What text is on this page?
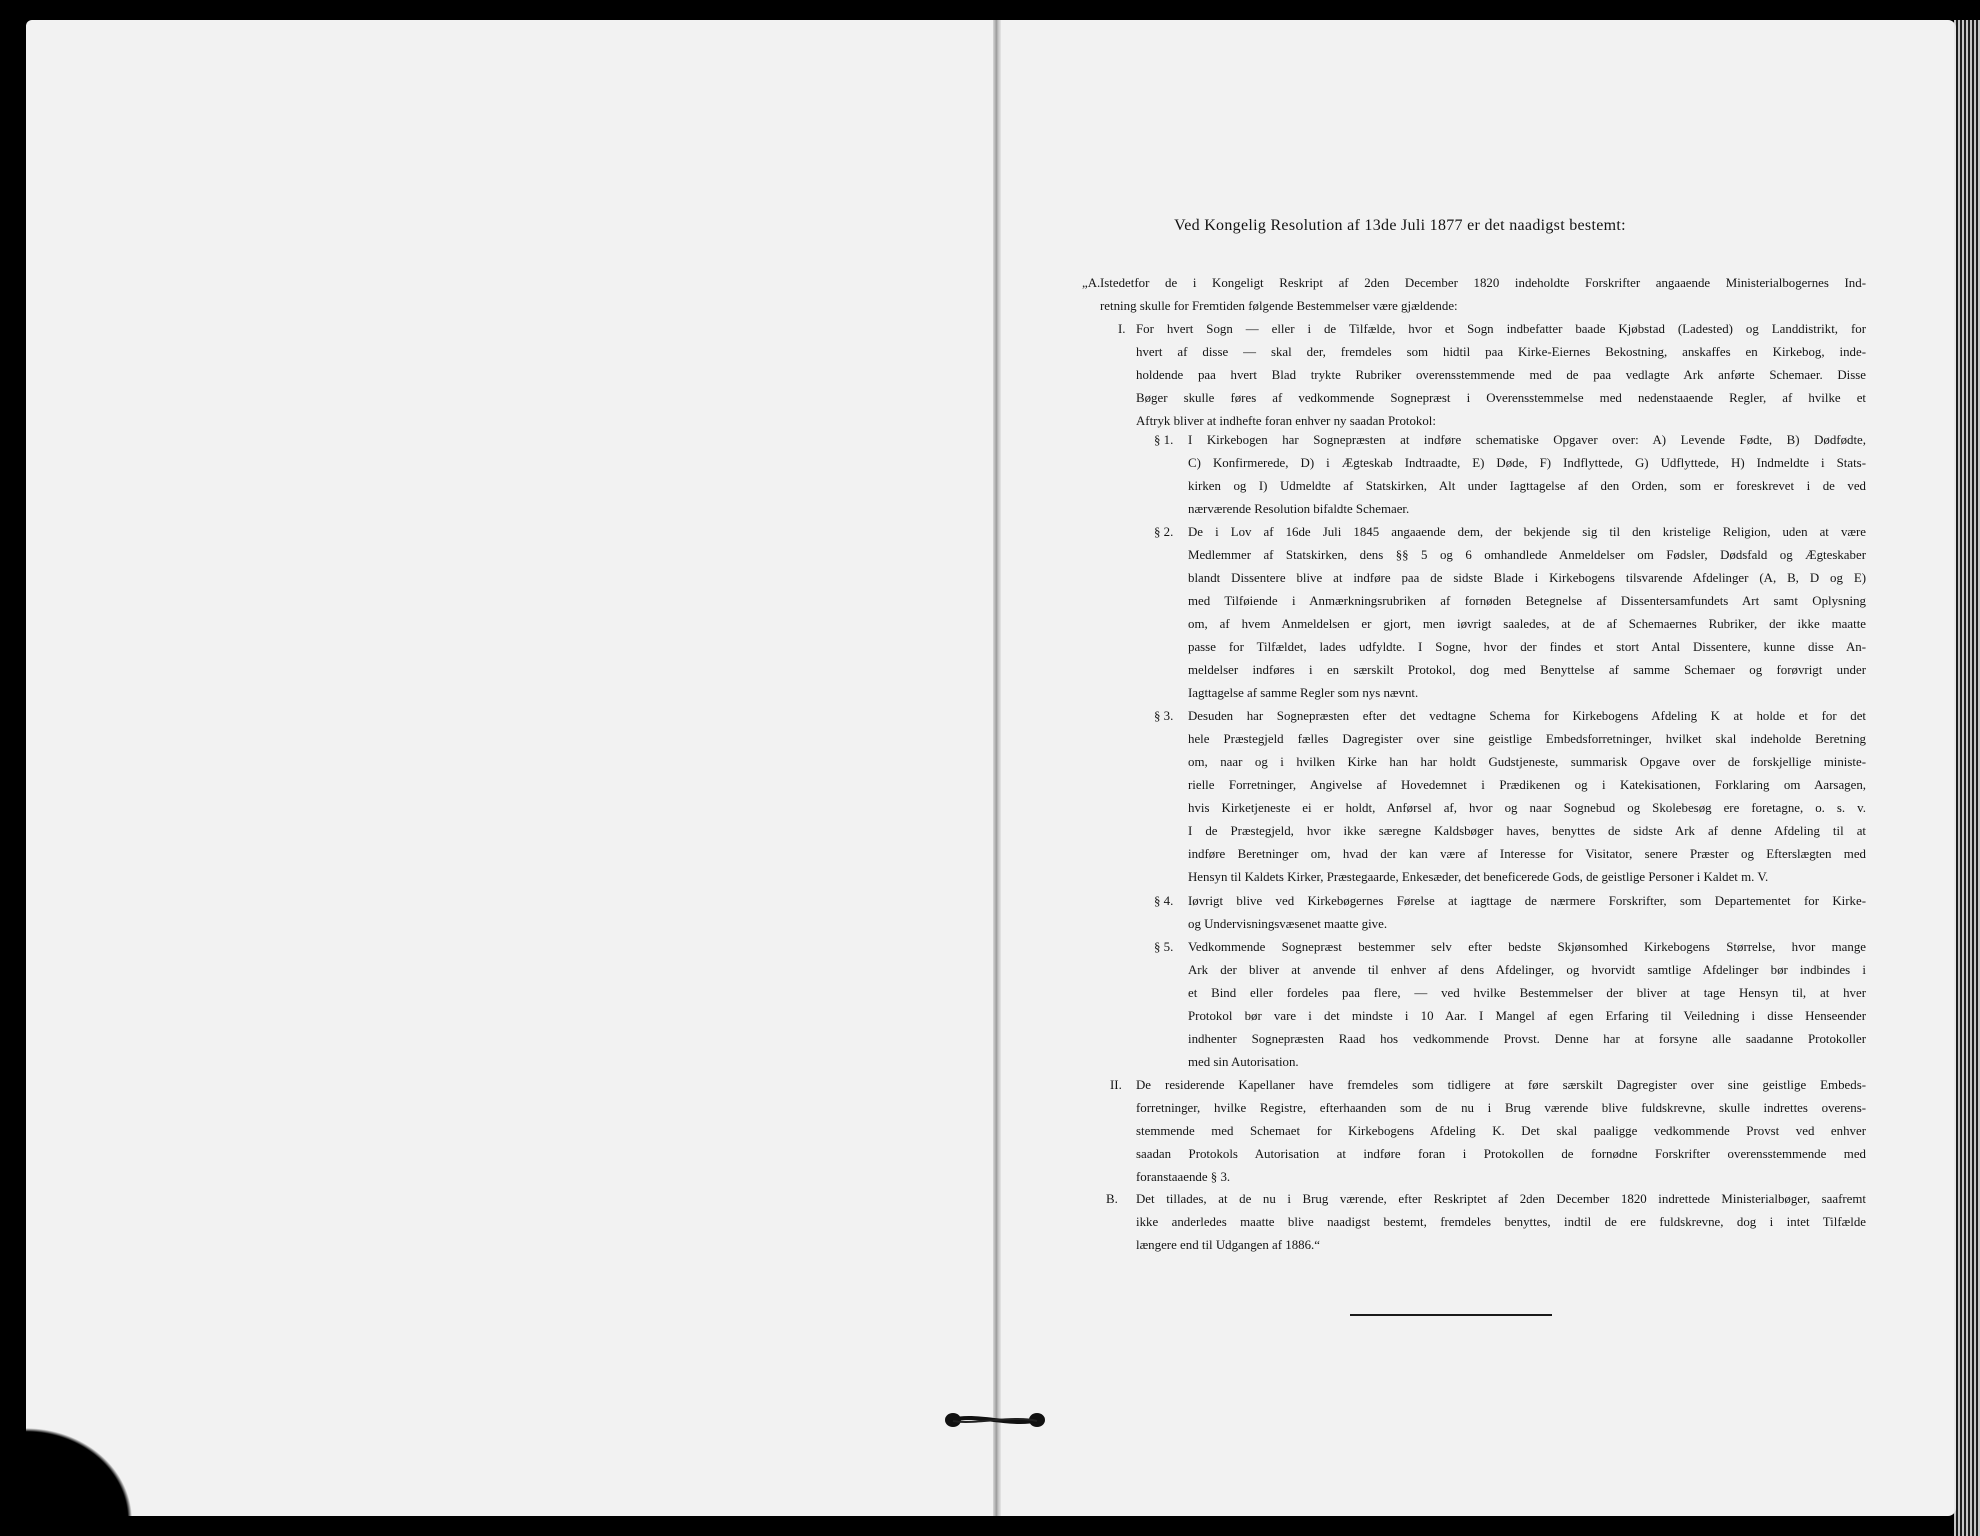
Ved Kongelig Resolution af 13de Juli 1877 er det naadigst bestemt:
„A. Istedetfor de i Kongeligt Reskript af 2den December 1820 indeholdte Forskrifter angaaende Ministerialbogernes Ind-
retning skulle for Fremtiden følgende Bestemmelser være gjældende:
I. For hvert Sogn — eller i de Tilfælde, hvor et Sogn indbefatter baade Kjøbstad (Ladested) og Landdistrikt, for
hvert af disse — skal der, fremdeles som hidtil paa Kirke-Eiernes Bekostning, anskaffes en Kirkebog, inde-
holdende paa hvert Blad trykte Rubriker overensstemmende med de paa vedlagte Ark anførte Schemaer. Disse
Bøger skulle føres af vedkommende Sognepræst i Overensstemmelse med nedenstaaende Regler, af hvilke et
Aftryk bliver at indhefte foran enhver ny saadan Protokol:
§ 1. I Kirkebogen har Sognepræsten at indføre schematiske Opgaver over: A) Levende Fødte, B) Dødfødte,
C) Konfirmerede, D) i Ægteskab Indtraadte, E) Døde, F) Indflyttede, G) Udflyttede, H) Indmeldte i Stats-
kirken og I) Udmeldte af Statskirken, Alt under Iagttagelse af den Orden, som er foreskrevet i de ved
nærværende Resolution bifaldte Schemaer.
§ 2. De i Lov af 16de Juli 1845 angaaende dem, der bekjende sig til den kristelige Religion, uden at være
Medlemmer af Statskirken, dens §§ 5 og 6 omhandlede Anmeldelser om Fødsler, Dødsfald og Ægteskaber
blandt Dissentere blive at indføre paa de sidste Blade i Kirkebogens tilsvarende Afdelinger (A, B, D og E)
med Tilføiende i Anmærkningsrubriken af fornøden Betegnelse af Dissentersamfundets Art samt Oplysning
om, af hvem Anmeldelsen er gjort, men iøvrigt saaledes, at de af Schemaernes Rubriker, der ikke maatte
passe for Tilfældet, lades udfyldte. I Sogne, hvor der findes et stort Antal Dissentere, kunne disse An-
meldelser indføres i en særskilt Protokol, dog med Benyttelse af samme Schemaer og forøvrigt under
Iagttagelse af samme Regler som nys nævnt.
§ 3. Desuden har Sognepræsten efter det vedtagne Schema for Kirkebogens Afdeling K at holde et for det
hele Præstegjeld fælles Dagregister over sine geistlige Embedsforretninger, hvilket skal indeholde Beretning
om, naar og i hvilken Kirke han har holdt Gudstjeneste, summarisk Opgave over de forskjellige ministe-
rielle Forretninger, Angivelse af Hovedemnet i Prædikenen og i Katekisationen, Forklaring om Aarsagen,
hvis Kirketjeneste ei er holdt, Anførsel af, hvor og naar Sognebud og Skolebesøg ere foretagne, o. s. v.
I de Præstegjeld, hvor ikke særegne Kaldsbøger haves, benyttes de sidste Ark af denne Afdeling til at
indføre Beretninger om, hvad der kan være af Interesse for Visitator, senere Præster og Efterslægten med
Hensyn til Kaldets Kirker, Præstegaarde, Enkesæder, det beneficerede Gods, de geistlige Personer i Kaldet m. V.
§ 4. Iøvrigt blive ved Kirkebøgernes Førelse at iagttage de nærmere Forskrifter, som Departementet for Kirke-
og Undervisningsvæsenet maatte give.
§ 5. Vedkommende Sognepræst bestemmer selv efter bedste Skjønsomhed Kirkebogens Størrelse, hvor mange
Ark der bliver at anvende til enhver af dens Afdelinger, og hvorvidt samtlige Afdelinger bør indbindes i
et Bind eller fordeles paa flere, — ved hvilke Bestemmelser der bliver at tage Hensyn til, at hver
Protokol bør vare i det mindste i 10 Aar. I Mangel af egen Erfaring til Veiledning i disse Henseender
indhenter Sognepræsten Raad hos vedkommende Provst. Denne har at forsyne alle saadanne Protokoller
med sin Autorisation.
II. De residerende Kapellaner have fremdeles som tidligere at føre særskilt Dagregister over sine geistlige Embeds-
forretninger, hvilke Registre, efterhaanden som de nu i Brug værende blive fuldskrevne, skulle indrettes overens-
stemmende med Schemaet for Kirkebogens Afdeling K. Det skal paaligge vedkommende Provst ved enhver
saadan Protokols Autorisation at indføre foran i Protokollen de fornødne Forskrifter overensstemmende med
foranstaaende § 3.
B. Det tillades, at de nu i Brug værende, efter Reskriptet af 2den December 1820 indrettede Ministerialbøger, saafremt
ikke anderledes maatte blive naadigst bestemt, fremdeles benyttes, indtil de ere fuldskrevne, dog i intet Tilfælde
længere end til Udgangen af 1886.“
